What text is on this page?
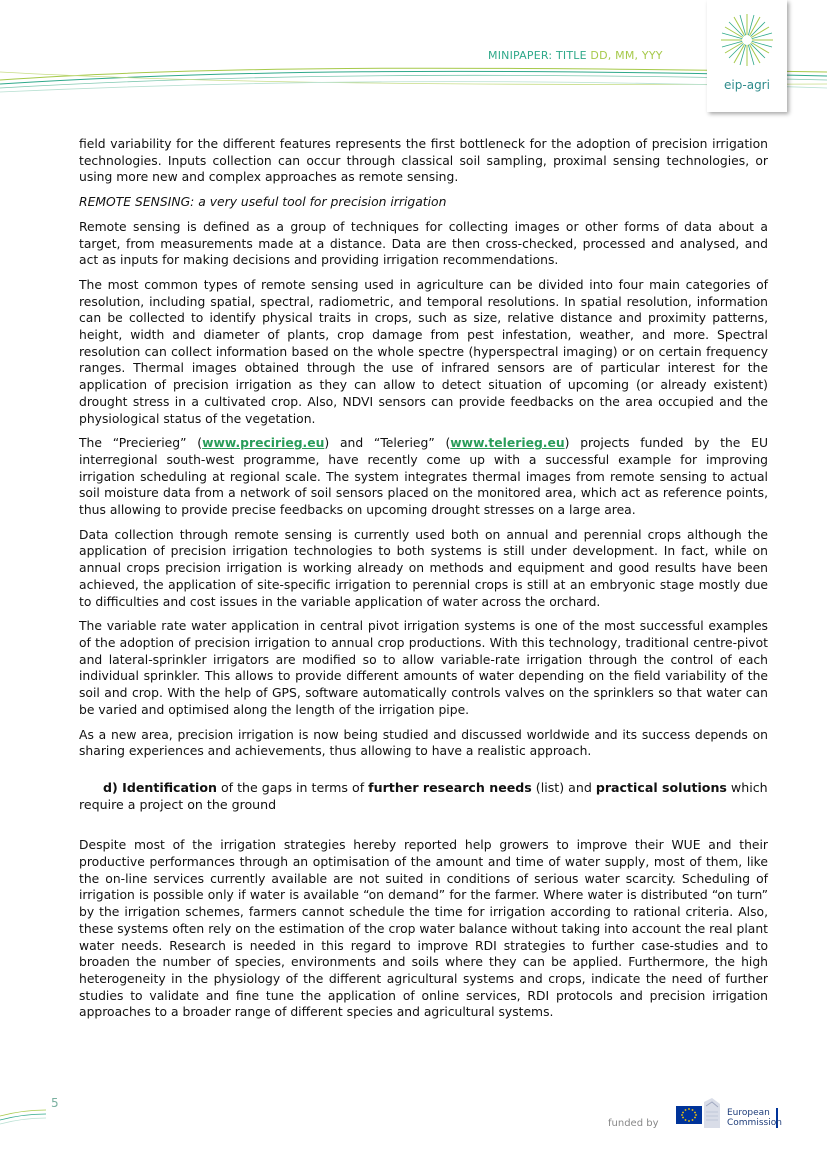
MINIPAPER: TITLE DD, MM, YYY
eip-agri

field variability for the different features represents the first bottleneck for the adoption of precision irrigation technologies. Inputs collection can occur through classical soil sampling, proximal sensing technologies, or using more new and complex approaches as remote sensing.

REMOTE SENSING: a very useful tool for precision irrigation

Remote sensing is defined as a group of techniques for collecting images or other forms of data about a target, from measurements made at a distance. Data are then cross-checked, processed and analysed, and act as inputs for making decisions and providing irrigation recommendations.

The most common types of remote sensing used in agriculture can be divided into four main categories of resolution, including spatial, spectral, radiometric, and temporal resolutions. In spatial resolution, information can be collected to identify physical traits in crops, such as size, relative distance and proximity patterns, height, width and diameter of plants, crop damage from pest infestation, weather, and more. Spectral resolution can collect information based on the whole spectre (hyperspectral imaging) or on certain frequency ranges. Thermal images obtained through the use of infrared sensors are of particular interest for the application of precision irrigation as they can allow to detect situation of upcoming (or already existent) drought stress in a cultivated crop. Also, NDVI sensors can provide feedbacks on the area occupied and the physiological status of the vegetation.

The “Precierieg” (www.precirieg.eu) and “Telerieg” (www.telerieg.eu) projects funded by the EU interregional south-west programme, have recently come up with a successful example for improving irrigation scheduling at regional scale. The system integrates thermal images from remote sensing to actual soil moisture data from a network of soil sensors placed on the monitored area, which act as reference points, thus allowing to provide precise feedbacks on upcoming drought stresses on a large area.

Data collection through remote sensing is currently used both on annual and perennial crops although the application of precision irrigation technologies to both systems is still under development. In fact, while on annual crops precision irrigation is working already on methods and equipment and good results have been achieved, the application of site-specific irrigation to perennial crops is still at an embryonic stage mostly due to difficulties and cost issues in the variable application of water across the orchard.

The variable rate water application in central pivot irrigation systems is one of the most successful examples of the adoption of precision irrigation to annual crop productions. With this technology, traditional centre-pivot and lateral-sprinkler irrigators are modified so to allow variable-rate irrigation through the control of each individual sprinkler. This allows to provide different amounts of water depending on the field variability of the soil and crop. With the help of GPS, software automatically controls valves on the sprinklers so that water can be varied and optimised along the length of the irrigation pipe.

As a new area, precision irrigation is now being studied and discussed worldwide and its success depends on sharing experiences and achievements, thus allowing to have a realistic approach.

d) Identification of the gaps in terms of further research needs (list) and practical solutions which

require a project on the ground

Despite most of the irrigation strategies hereby reported help growers to improve their WUE and their productive performances through an optimisation of the amount and time of water supply, most of them, like the on-line services currently available are not suited in conditions of serious water scarcity. Scheduling of irrigation is possible only if water is available “on demand” for the farmer. Where water is distributed “on turn” by the irrigation schemes, farmers cannot schedule the time for irrigation according to rational criteria. Also, these systems often rely on the estimation of the crop water balance without taking into account the real plant water needs. Research is needed in this regard to improve RDI strategies to further case-studies and to broaden the number of species, environments and soils where they can be applied. Furthermore, the high heterogeneity in the physiology of the different agricultural systems and crops, indicate the need of further studies to validate and fine tune the application of online services, RDI protocols and precision irrigation approaches to a broader range of different species and agricultural systems.

5
funded by
European
Commission
